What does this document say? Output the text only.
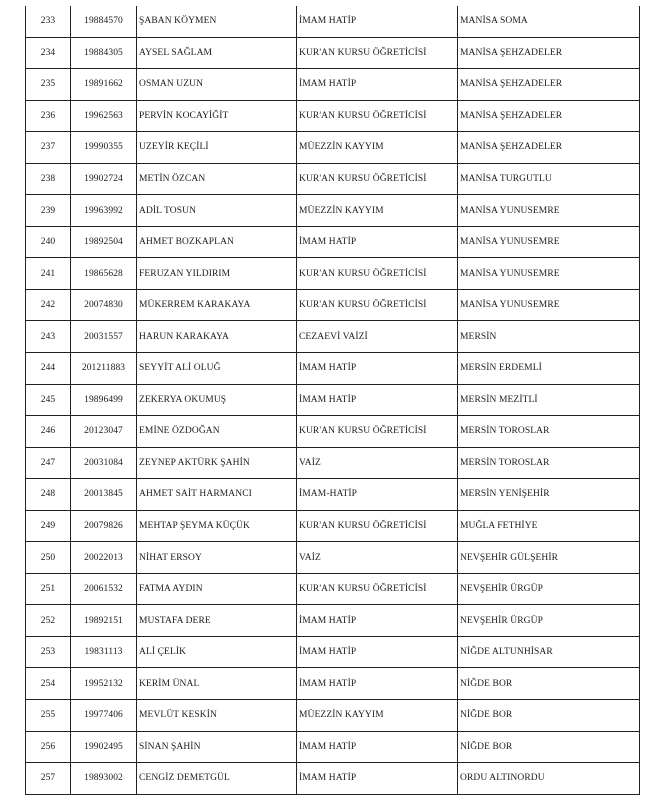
233	19884570	ŞABAN KÖYMEN	İMAM HATİP	MANİSA SOMA
234	19884305	AYSEL SAĞLAM	KUR'AN KURSU ÖĞRETİCİSİ	MANİSA ŞEHZADELER
235	19891662	OSMAN UZUN	İMAM HATİP	MANİSA ŞEHZADELER
236	19962563	PERVİN KOCAYİĞİT	KUR'AN KURSU ÖĞRETİCİSİ	MANİSA ŞEHZADELER
237	19990355	UZEYİR KEÇİLİ	MÜEZZİN KAYYIM	MANİSA ŞEHZADELER
238	19902724	METİN ÖZCAN	KUR'AN KURSU ÖĞRETİCİSİ	MANİSA TURGUTLU
239	19963992	ADİL TOSUN	MÜEZZİN KAYYIM	MANİSA YUNUSEMRE
240	19892504	AHMET BOZKAPLAN	İMAM HATİP	MANİSA YUNUSEMRE
241	19865628	FERUZAN YILDIRIM	KUR'AN KURSU ÖĞRETİCİSİ	MANİSA YUNUSEMRE
242	20074830	MÜKERREM KARAKAYA	KUR'AN KURSU ÖĞRETİCİSİ	MANİSA YUNUSEMRE
243	20031557	HARUN KARAKAYA	CEZAEVİ VAİZİ	MERSİN
244	201211883	SEYYİT ALİ OLUĞ	İMAM HATİP	MERSİN ERDEMLİ
245	19896499	ZEKERYA OKUMUŞ	İMAM HATİP	MERSİN MEZİTLİ
246	20123047	EMİNE ÖZDOĞAN	KUR'AN KURSU ÖĞRETİCİSİ	MERSİN TOROSLAR
247	20031084	ZEYNEP AKTÜRK ŞAHİN	VAİZ	MERSİN TOROSLAR
248	20013845	AHMET SAİT HARMANCI	İMAM-HATİP	MERSİN YENİŞEHİR
249	20079826	MEHTAP ŞEYMA KÜÇÜK	KUR'AN KURSU ÖĞRETİCİSİ	MUĞLA FETHİYE
250	20022013	NİHAT ERSOY	VAİZ	NEVŞEHİR GÜLŞEHİR
251	20061532	FATMA AYDIN	KUR'AN KURSU ÖĞRETİCİSİ	NEVŞEHİR ÜRGÜP
252	19892151	MUSTAFA DERE	İMAM HATİP	NEVŞEHİR ÜRGÜP
253	19831113	ALİ ÇELİK	İMAM HATİP	NİĞDE ALTUNHİSAR
254	19952132	KERİM ÜNAL	İMAM HATİP	NİĞDE BOR
255	19977406	MEVLÜT KESKİN	MÜEZZİN KAYYIM	NİĞDE BOR
256	19902495	SİNAN ŞAHİN	İMAM HATİP	NİĞDE BOR
257	19893002	CENGİZ DEMETGÜL	İMAM HATİP	ORDU ALTINORDU
